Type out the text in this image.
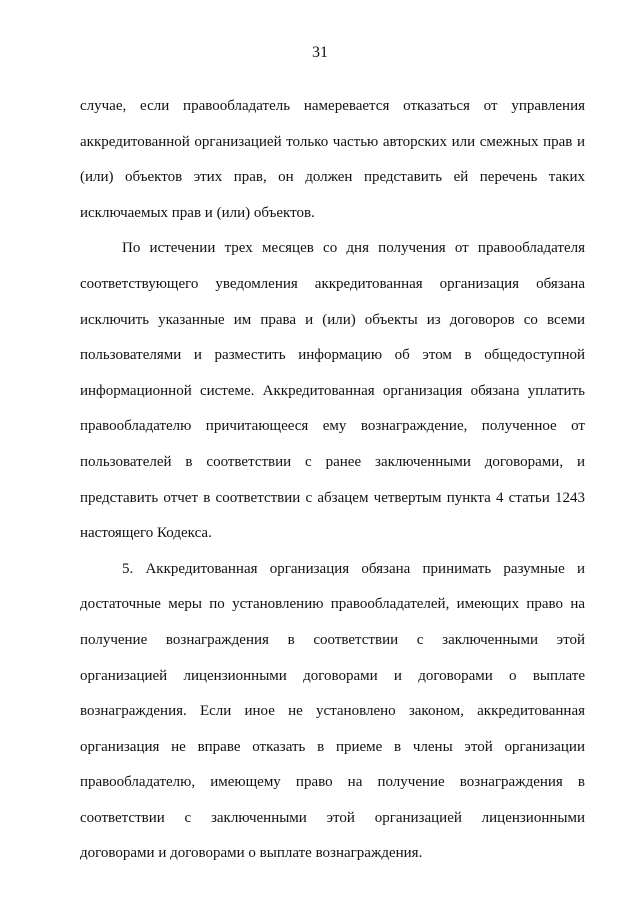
31
случае, если правообладатель намеревается отказаться от управления
аккредитованной организацией только частью авторских или смежных прав и
(или) объектов этих прав, он должен представить ей перечень таких
исключаемых прав и (или) объектов.
По истечении трех месяцев со дня получения от правообладателя
соответствующего уведомления аккредитованная организация обязана
исключить указанные им права и (или) объекты из договоров со всеми
пользователями и разместить информацию об этом в общедоступной
информационной системе. Аккредитованная организация обязана уплатить
правообладателю причитающееся ему вознаграждение, полученное от
пользователей в соответствии с ранее заключенными договорами, и
представить отчет в соответствии с абзацем четвертым пункта 4 статьи 1243
настоящего Кодекса.
5. Аккредитованная организация обязана принимать разумные и
достаточные меры по установлению правообладателей, имеющих право на
получение вознаграждения в соответствии с заключенными этой
организацией лицензионными договорами и договорами о выплате
вознаграждения. Если иное не установлено законом, аккредитованная
организация не вправе отказать в приеме в члены этой организации
правообладателю, имеющему право на получение вознаграждения в
соответствии с заключенными этой организацией лицензионными
договорами и договорами о выплате вознаграждения.
